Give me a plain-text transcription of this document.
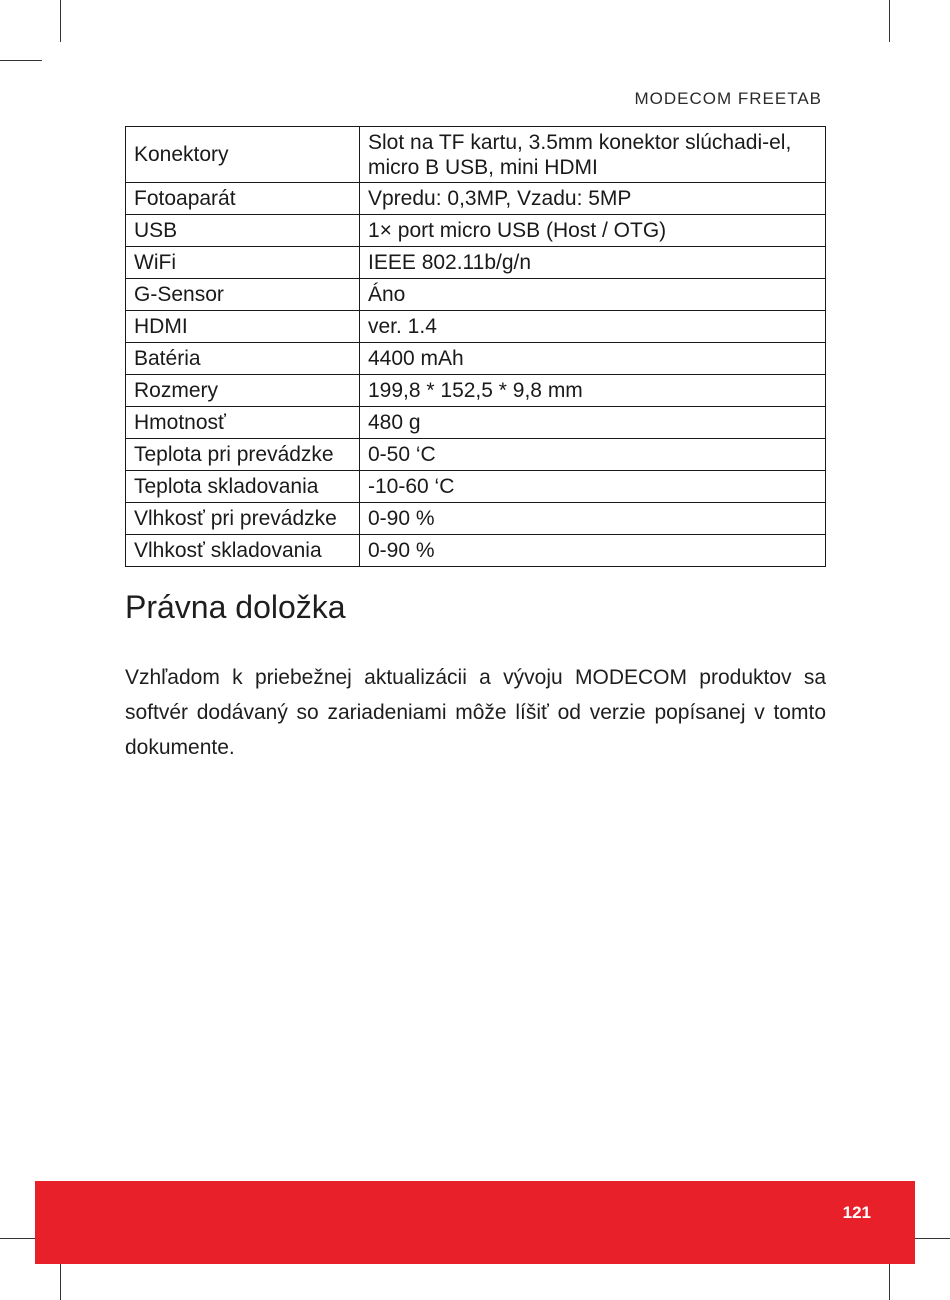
MODECOM FREETAB
Konektory	Slot na TF kartu, 3.5mm konektor slúchadi-el, micro B USB, mini HDMI
Fotoaparát	Vpredu: 0,3MP, Vzadu: 5MP
USB	1× port micro USB (Host / OTG)
WiFi	IEEE 802.11b/g/n
G-Sensor	Áno
HDMI	ver. 1.4
Batéria	4400 mAh
Rozmery	199,8 * 152,5 * 9,8 mm
Hmotnosť	480 g
Teplota pri prevádzke	0-50 ‘C
Teplota skladovania	-10-60 ‘C
Vlhkosť pri prevádzke	0-90 %
Vlhkosť skladovania	0-90 %
Právna doložka

Vzhľadom k priebežnej aktualizácii a vývoju MODECOM produktov sa softvér dodávaný so zariadeniami môže líšiť od verzie popísanej v tomto dokumente.

121
